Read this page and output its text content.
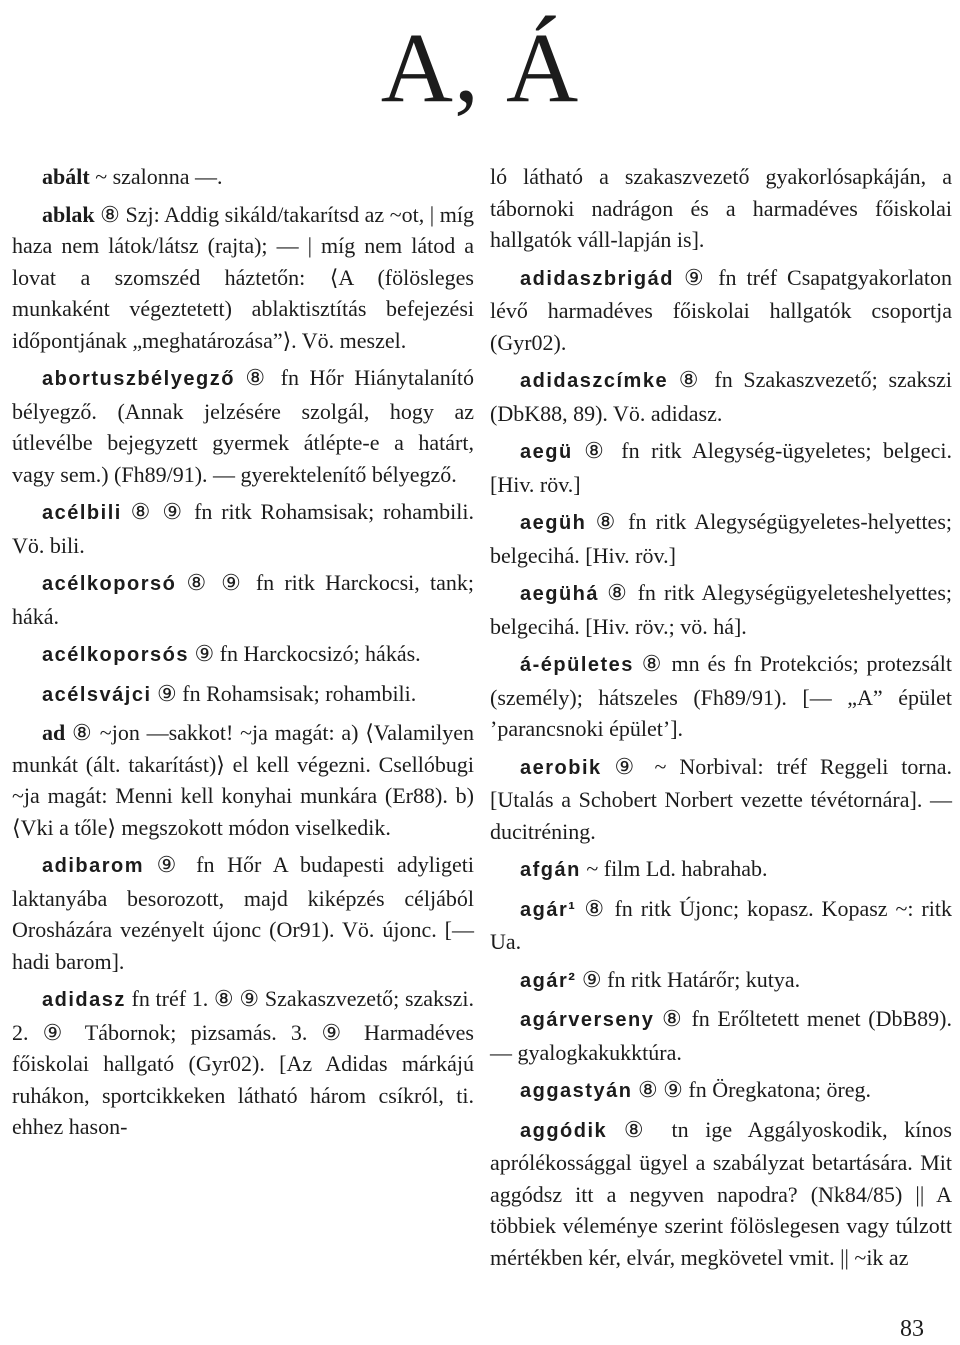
A, Á

abált ~ szalonna —.

ablak ⑧ Szj: Addig sikáld/takarítsd az ~ot, | míg haza nem látok/látsz (rajta); — | míg nem látod a lovat a szomszéd háztetőn: ⟨A (fölösleges munkaként végeztetett) ablaktisztítás befejezési időpontjának „meghatározása”⟩. Vö. meszel.

abortuszbélyegző ⑧ fn Hőr Hiánytalanító bélyegző. (Annak jelzésére szolgál, hogy az útlevélbe bejegyzett gyermek átlépte-e a határt, vagy sem.) (Fh89/91). — gyerektelenítő bélyegző.

acélbili ⑧ ⑨ fn ritk Rohamsisak; rohambili. Vö. bili.

acélkoporsó ⑧ ⑨ fn ritk Harckocsi, tank; háká.

acélkoporsós ⑨ fn Harckocsizó; hákás.

acélsvájci ⑨ fn Rohamsisak; rohambili.

ad ⑧ ~jon —sakkot! ~ja magát: a) ⟨Valamilyen munkát (ált. takarítást)⟩ el kell végezni. Csellóbugi ~ja magát: Menni kell konyhai munkára (Er88). b) ⟨Vki a tőle⟩ megszokott módon viselkedik.

adibarom ⑨ fn Hőr A budapesti adyligeti laktanyába besorozott, majd kiképzés céljából Orosházára vezényelt újonc (Or91). Vö. újonc. [— hadi barom].

adidasz fn tréf 1. ⑧ ⑨ Szakaszvezető; szakszi. 2. ⑨ Tábornok; pizsamás. 3. ⑨ Harmadéves főiskolai hallgató (Gyr02). [Az Adidas márkájú ruhákon, sportcikkeken látható három csíkról, ti. ehhez hason-

ló látható a szakaszvezető gyakorlósapkáján, a tábornoki nadrágon és a harmadéves főiskolai hallgatók váll-lapján is].

adidaszbrigád ⑨ fn tréf Csapatgyakorlaton lévő harmadéves főiskolai hallgatók csoportja (Gyr02).

adidaszcímke ⑧ fn Szakaszvezető; szakszi (DbK88, 89). Vö. adidasz.

aegü ⑧ fn ritk Alegység-ügyeletes; belgeci. [Hiv. röv.]

aegüh ⑧ fn ritk Alegységügyeletes-helyettes; belgecihá. [Hiv. röv.]

aegühá ⑧ fn ritk Alegységügyeleteshelyettes; belgecihá. [Hiv. röv.; vö. há].

á-épületes ⑧ mn és fn Protekciós; protezsált (személy); hátszeles (Fh89/91). [— „A” épület ’parancsnoki épület’].

aerobik ⑨ ~ Norbival: tréf Reggeli torna. [Utalás a Schobert Norbert vezette tévétornára]. — ducitréning.

afgán ~ film Ld. habrahab.

agár¹ ⑧ fn ritk Újonc; kopasz. Kopasz ~: ritk Ua.

agár² ⑨ fn ritk Határőr; kutya.

agárverseny ⑧ fn Erőltetett menet (DbB89). — gyalogkakukktúra.

aggastyán ⑧ ⑨ fn Öregkatona; öreg.

aggódik ⑧ tn ige Aggályoskodik, kínos aprólékossággal ügyel a szabályzat betartására. Mit aggódsz itt a negyven napodra? (Nk84/85) || A többiek véleménye szerint fölöslegesen vagy túlzott mértékben kér, elvár, megkövetel vmit. || ~ik az

83
